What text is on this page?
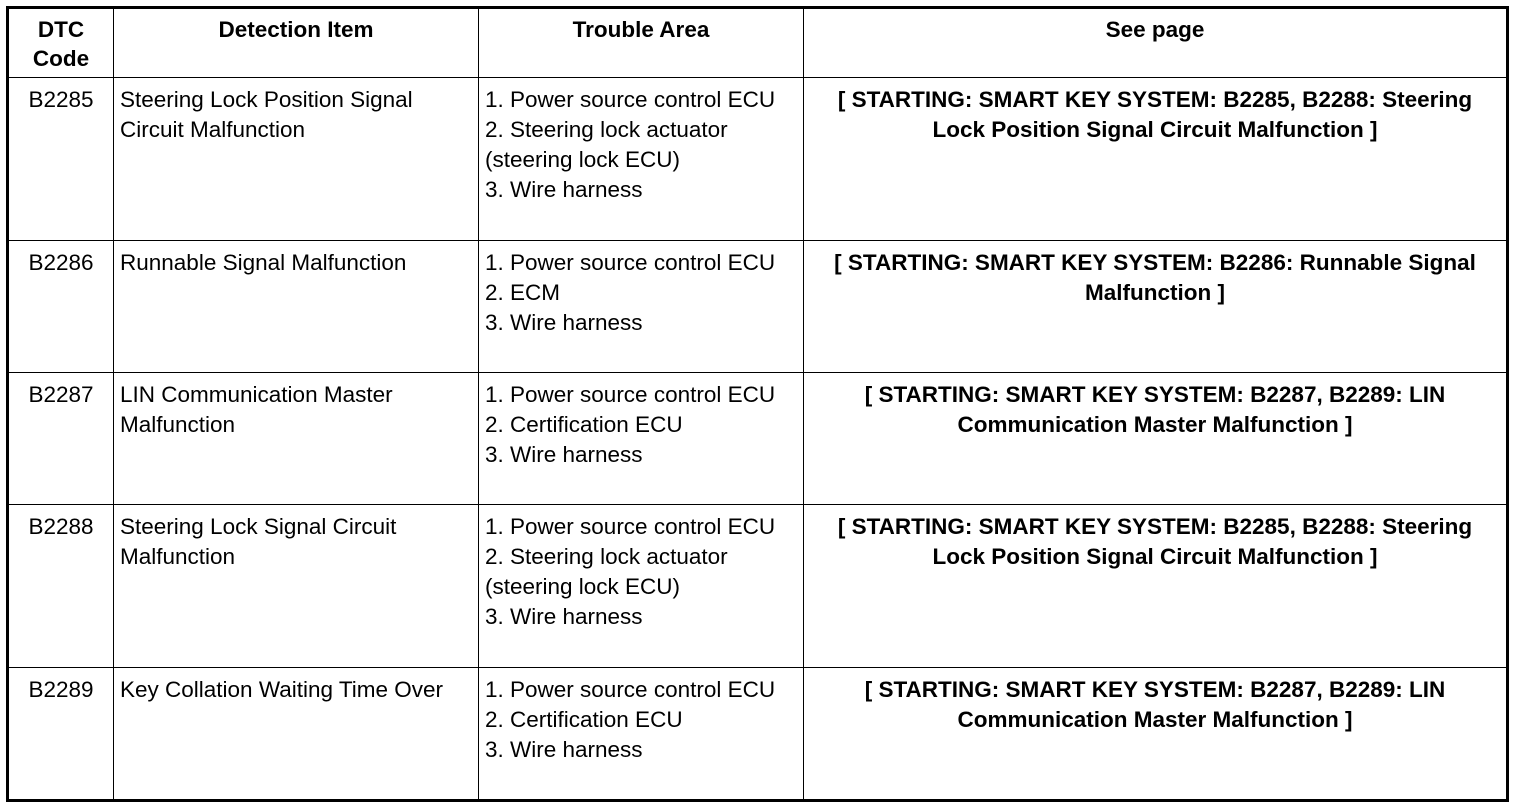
DTC Code	Detection Item	Trouble Area	See page
B2285	Steering Lock Position Signal Circuit Malfunction	1. Power source control ECU
2. Steering lock actuator (steering lock ECU)
3. Wire harness	[ STARTING: SMART KEY SYSTEM: B2285, B2288: Steering Lock Position Signal Circuit Malfunction ]
B2286	Runnable Signal Malfunction	1. Power source control ECU
2. ECM
3. Wire harness	[ STARTING: SMART KEY SYSTEM: B2286: Runnable Signal Malfunction ]
B2287	LIN Communication Master Malfunction	1. Power source control ECU
2. Certification ECU
3. Wire harness	[ STARTING: SMART KEY SYSTEM: B2287, B2289: LIN Communication Master Malfunction ]
B2288	Steering Lock Signal Circuit Malfunction	1. Power source control ECU
2. Steering lock actuator (steering lock ECU)
3. Wire harness	[ STARTING: SMART KEY SYSTEM: B2285, B2288: Steering Lock Position Signal Circuit Malfunction ]
B2289	Key Collation Waiting Time Over	1. Power source control ECU
2. Certification ECU
3. Wire harness	[ STARTING: SMART KEY SYSTEM: B2287, B2289: LIN Communication Master Malfunction ]
